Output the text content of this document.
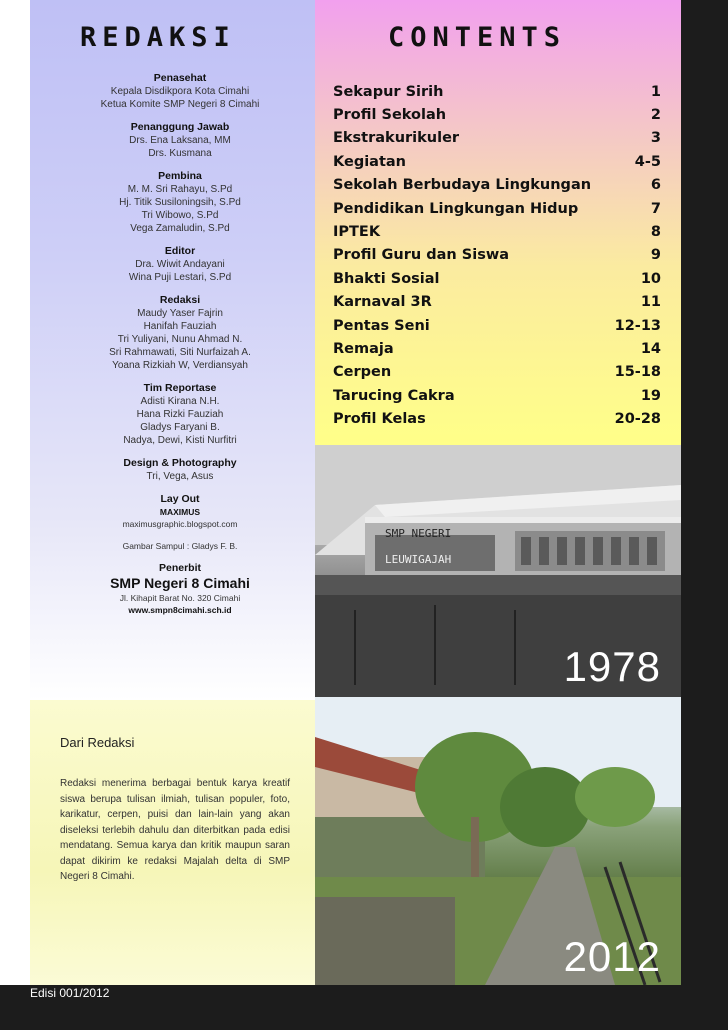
REDAKSI	CONTENTS
Penasehat
Kepala Disdikpora Kota Cimahi
Ketua Komite SMP Negeri 8 Cimahi
Penanggung Jawab
Drs. Ena Laksana, MM
Drs. Kusmana
Pembina
M. M. Sri Rahayu, S.Pd
Hj. Titik Susiloningsih, S.Pd
Tri Wibowo, S.Pd
Vega Zamaludin, S.Pd
Editor
Dra. Wiwit Andayani
Wina Puji Lestari, S.Pd
Redaksi
Maudy Yaser Fajrin
Hanifah Fauziah
Tri Yuliyani, Nunu Ahmad N.
Sri Rahmawati, Siti Nurfaizah A.
Yoana Rizkiah W, Verdiansyah
Tim Reportase
Adisti Kirana N.H.
Hana Rizki Fauziah
Gladys Faryani B.
Nadya, Dewi, Kisti Nurfitri
Design & Photography
Tri, Vega, Asus
Lay Out
MAXIMUS
maximusgraphic.blogspot.com
Gambar Sampul : Gladys F. B.
Penerbit
SMP Negeri 8 Cimahi
Jl. Kihapit Barat No. 320 Cimahi
www.smpn8cimahi.sch.id
Sekapur Sirih	1
Profil Sekolah	2
Ekstrakurikuler	3
Kegiatan	4-5
Sekolah Berbudaya Lingkungan	6
Pendidikan Lingkungan Hidup	7
IPTEK	8
Profil Guru dan Siswa	9
Bhakti Sosial	10
Karnaval 3R	11
Pentas Seni	12-13
Remaja	14
Cerpen	15-18
Tarucing Cakra	19
Profil Kelas	20-28
SMP NEGERI
LEUWIGAJAH
1978
2012
Dari Redaksi
Redaksi menerima berbagai bentuk karya kreatif siswa berupa tulisan ilmiah, tulisan populer, foto, karikatur, cerpen, puisi dan lain-lain yang akan diseleksi terlebih dahulu dan diterbitkan pada edisi mendatang. Semua karya dan kritik maupun saran dapat dikirim ke redaksi Majalah delta di SMP Negeri 8 Cimahi.
Edisi 001/2012
